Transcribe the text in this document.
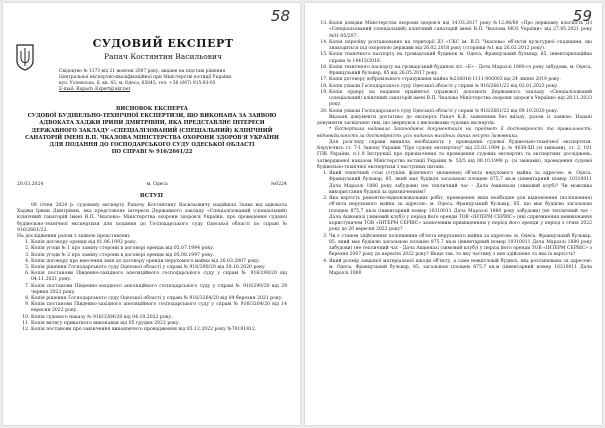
58
СУДОВИЙ ЕКСПЕРТ
Рапач Костянтин Васильович
Свідоцтво № 1173 від 21 жовтня 2007 року, видане на підставі рішення
Центральної експертно-кваліфікаційної при Міністерстві юстиції України
вул. Успенська, 6, кв. 43, м. Одеса, 65045, тел. +38 (067) 915-83-05
E-mail: Rapach_Expert@ukr.net
ВИСНОВОК ЕКСПЕРТА
СУДОВОЇ БУДІВЕЛЬНО-ТЕХНІЧНОЇ ЕКСПЕРТИЗИ, ЩО ВИКОНАНА ЗА ЗАЯВОЮ
АДВОКАТА ХАДЖИ ІРИНИ ДМИТРІВНИ, ЯКА ПРЕДСТАВЛЯЄ ІНТЕРЕСИ
ДЕРЖАВНОГО ЗАКЛАДУ «СПЕЦІАЛІЗОВАНИЙ (СПЕЦІАЛЬНИЙ) КЛІНІЧНИЙ
САНАТОРІЙ ІМЕНІ В.П. ЧКАЛОВА МІНІСТЕРСТВА ОХОРОНИ ЗДОРОВ'Я УКРАЇНИ
ДЛЯ ПОДАННЯ ДО ГОСПОДАРСЬКОГО СУДУ ОДЕСЬКОЇ ОБЛАСТІ
ПО СПРАВІ № 916/2661/22
20.03.2024	м. Одеса	№0224
ВСТУП

08 січня 2024 р. судовому експерту Рапачу Костянтину Васильовичу надійшла Заява від адвоката Хаджи Ірини Дмитрівни, яка представляє інтереси Державного закладу «Спеціалізований (спеціальний) клінічний санаторій імені В.П. Чкалова» Міністерства охорони здоров'я України, про проведення судової будівельно-технічної експертизи для подання до Господарського суду Одеської області по справі № 916/2661/22.

На дослідження разом з заявою представлені:

1. Копія договору оренди від 01.06.1992 року.
2. Копія угоди № 1 про заміну сторони в договорі оренди від 05.07.1994 року.
3. Копія угоди № 2 про заміну сторони в договорі оренди від 05.08.1997 року.
4. Копія договору про внесення змін до договору оренди нерухомого майна від 26.03.2007 року.
5. Копія рішення Господарського суду Одеської області у справі № 916/290/20 від 30.10.2020 року.
6. Копія постанови Південно-західного апеляційного господарського суду у справі № 916/290/20 від 04.11.2021 року.
7. Копія постанови Південно-західного апеляційного господарського суду у справі № 916/290/20 від 29 червня 2022 року.
8. Копія рішення Господарського суду Одеської області у справі № 916/3264/20 від 04 березня 2021 року.
9. Копія постанови Південно-західного апеляційного господарського суду у справі № 916/3264/20 від 14 вересня 2022 року.
10. Копія судового наказу № 916/3264/20 від 04.10.2022 року.
11. Копія витягу приватного виконавця від 05 грудня 2022 року.
12. Копія постанови про закінчення виконавчого провадження від 05.12.2022 року №70181812.
59
13. Копія довідки Міністерства охорони здоров'я від 14.03.2017 року №12.06/60 «Про державну власність ДЗ «Спеціалізований (спеціальний) клінічний санаторій імені В.П. Чкалова МОЗ України» від 27.05.2021 року №01-05/207.
14. Копія переліку розташованих на території ДЗ «СКС ім. В.П. Чкалова» об'єктів культурної спадщини, що знаходиться під охороною держави від 26.02.2018 року (сторінки №1 від 26.02.2012 року).
15. Копія технічного паспорту на громадський будинок м. Одеса, Французький бульвар, 85, інвентаризаційна справа № 14415/2016.
16. Копія технічного паспорту на громадський будинок літ. «Е» - Дача Маразлі 1880-го року забудови, м. Одеса, Французький бульвар, 85 від 26.05.2017 року.
17. Копія договору добровільного страхування майна №216016-1111-000003 від 24 липня 2019 року.
18. Копія ухвали Господарського суду Одеської області у справі № 916/2661/22 від 02.01.2023 року.
19. Копія ордеру на надання правничої (правової) допомоги Державного закладу «Спеціалізований (спеціальний) клінічний санаторій імені В.П. Чкалова Міністерства охорони здоров'я України» від 28.11.2023 року.
20. Копія ухвали Господарського суду Одеської області у справі № 916/2661/22 від 09.10.2020 року.

Вказані документи достатньо до експерта Рапач К.В. заявленим без виїзду, разом із заявою. Надані документи засвідчено тим, що звернувся з висновками судових експертів.

* Експертиза надавала Законодавча документація на предмет її достовірності та правильності; відповідальність за достовірність усіх наданих вихідних даних несуть Замовники.

Для розгляду справи виникла необхідність у проведенні судової будівельно-технічної експертизи. Керуючись ст. 7-1 Закону України "Про судову експертизу" від 25.02.1994 р. № 4038-XII (зі змінами), ст. 2, 101 ГПК України, п.1.9 Інструкції про призначення та проведення судових експертиз та експертних досліджень, затвердженої наказом Міністерства юстиції України № 53/5 від 08.10.1998 р. (зі змінами), проведення судової будівельно-технічної експертизи з наступних питань.

1. Який технічний стан (ступінь фізичного зношення) об'єкта нерухомого майна за адресою: м. Одеса, Французький бульвар, 85, який має будівля загальною площею 875,7 кв.м (інвентарний номер 10310011 Дача Маразлі 1880 року забудови) (не тепличний час - Дача Ашкенази (зимовий клуб)? Чи можлива використання будівлі за призначенням?
2. Яка вартість ремонтно-відновлювальних робіт, проведення яких необхідне для відновлення (поліпшення) об'єкта нерухомого майна за адресою: м. Одеса, Французький бульвар, 85, що має будівлю загальною площею 875,7 кв.м (інвентарний номер 10310011 Дача Маразлі 1880 року забудови) (не тепличний час - Дача Ашкеназі (зимовий клуб)) у період його оренди ТОВ «ІНТЕРМ СЕРВІС» (які спричинення невиконання користувачем ТОВ «ІНТЕРМ СЕРВІС» зазначеним приміщенням у період його оренди у період з січня 2022 року до 20 вересня 2022 року?
3. Чи є станом здійснення поліпшення об'єкта нерухомого майна за адресою: м. Одеса, Французький бульвар, 85, який має будівлю загальною площею 875,7 кв.м (інвентарний номер 10310011 Дача Маразлі 1880 року забудови) (не тепличний час - Дача Ашкеназі (зимовий клуб)) у період його оренди ТОВ «ІНТЕРМ СЕРВІС» з березня 2007 року до вересня 2022 року? Якщо так, то яку частину з них здійснено та яка їх вартість?
4. Який розмір завданої матеріальної шкоди об'єкту, а саме нежитловій будівлі, яка розташована за адресою: м. Одеса, Французький бульвар, 85, загальною площею 875,7 кв.м (інвентарний номер 10310011 Дача Маразлі 1880
